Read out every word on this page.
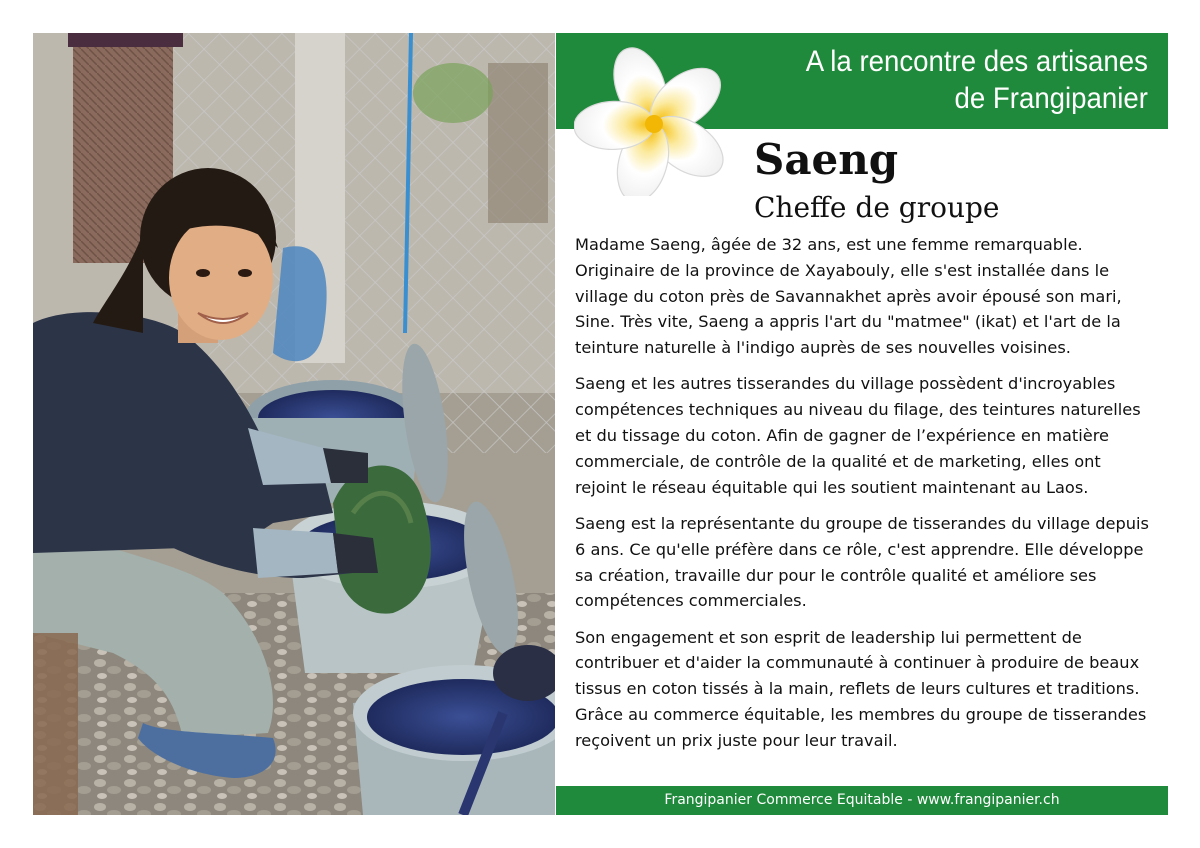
A la rencontre des artisanes
de Frangipanier
Saeng
Cheffe de groupe

Madame Saeng, âgée de 32 ans, est une femme remarquable. Originaire de la province de Xayabouly, elle s'est installée dans le village du coton près de Savannakhet après avoir épousé son mari, Sine. Très vite, Saeng a appris l'art du "matmee" (ikat) et l'art de la teinture naturelle à l'indigo auprès de ses nouvelles voisines.

Saeng et les autres tisserandes du village possèdent d'incroyables compétences techniques au niveau du filage, des teintures naturelles et du tissage du coton. Afin de gagner de l’expérience en matière commerciale, de contrôle de la qualité et de marketing, elles ont rejoint le réseau équitable qui les soutient maintenant au Laos.

Saeng est la représentante du groupe de tisserandes du village depuis 6 ans. Ce qu'elle préfère dans ce rôle, c'est apprendre. Elle développe sa création, travaille dur pour le contrôle qualité et améliore ses compétences commerciales.

Son engagement et son esprit de leadership lui permettent de contribuer et d'aider la communauté à continuer à produire de beaux tissus en coton tissés à la main, reflets de leurs cultures et traditions. Grâce au commerce équitable, les membres du groupe de tisserandes reçoivent un prix juste pour leur travail.

Frangipanier Commerce Equitable - www.frangipanier.ch
